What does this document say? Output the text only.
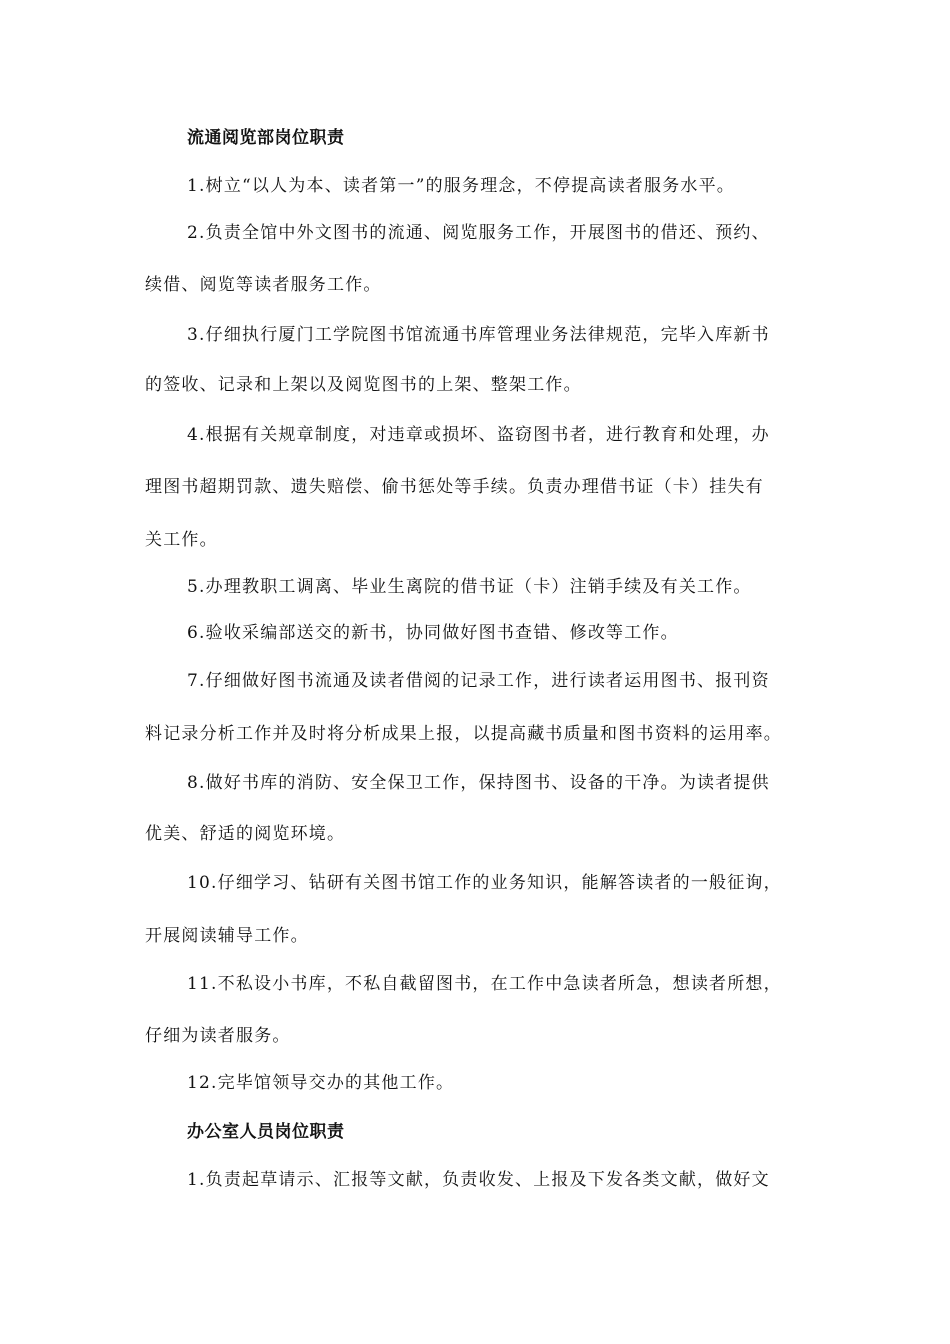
流通阅览部岗位职责
1.树立“以人为本、读者第一”的服务理念，不停提高读者服务水平。
2.负责全馆中外文图书的流通、阅览服务工作，开展图书的借还、预约、
续借、阅览等读者服务工作。
3.仔细执行厦门工学院图书馆流通书库管理业务法律规范，完毕入库新书
的签收、记录和上架以及阅览图书的上架、整架工作。
4.根据有关规章制度，对违章或损坏、盗窃图书者，进行教育和处理，办
理图书超期罚款、遗失赔偿、偷书惩处等手续。负责办理借书证（卡）挂失有
关工作。
5.办理教职工调离、毕业生离院的借书证（卡）注销手续及有关工作。
6.验收采编部送交的新书，协同做好图书查错、修改等工作。
7.仔细做好图书流通及读者借阅的记录工作，进行读者运用图书、报刊资
料记录分析工作并及时将分析成果上报，以提高藏书质量和图书资料的运用率。
8.做好书库的消防、安全保卫工作，保持图书、设备的干净。为读者提供
优美、舒适的阅览环境。
10.仔细学习、钻研有关图书馆工作的业务知识，能解答读者的一般征询，
开展阅读辅导工作。
11.不私设小书库，不私自截留图书，在工作中急读者所急，想读者所想，
仔细为读者服务。
12.完毕馆领导交办的其他工作。
办公室人员岗位职责
1.负责起草请示、汇报等文献，负责收发、上报及下发各类文献，做好文
